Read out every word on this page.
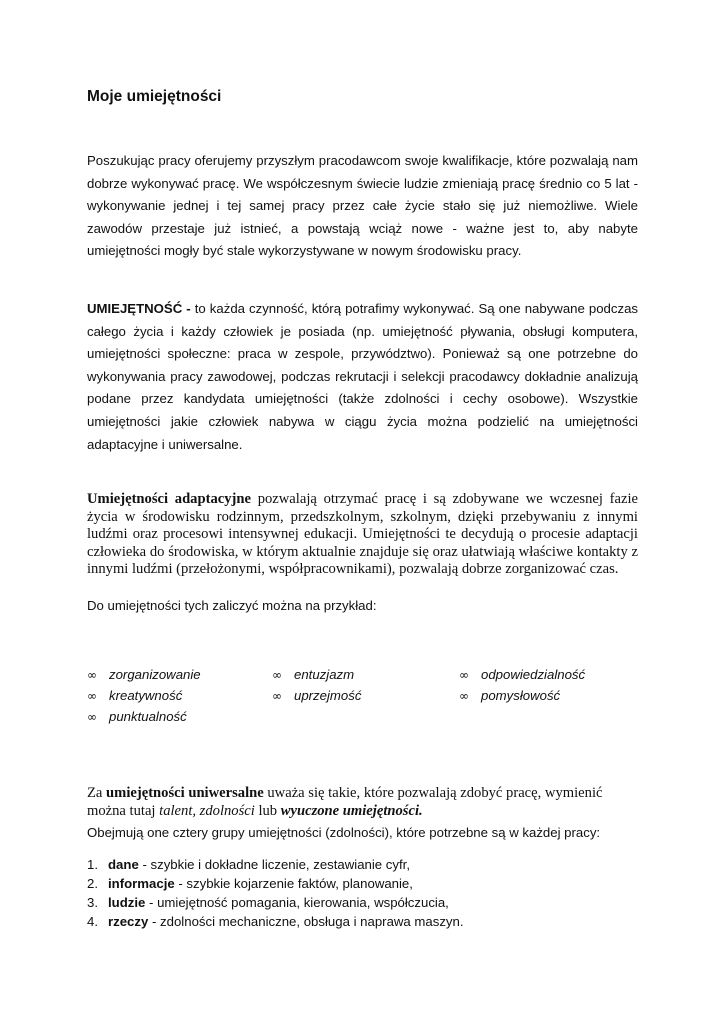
Moje umiejętności

Poszukując pracy oferujemy przyszłym pracodawcom swoje kwalifikacje, które pozwalają nam dobrze wykonywać pracę. We współczesnym świecie ludzie zmieniają pracę średnio co 5 lat - wykonywanie jednej i tej samej pracy przez całe życie stało się już niemożliwe. Wiele zawodów przestaje już istnieć, a powstają wciąż nowe - ważne jest to, aby nabyte umiejętności mogły być stale wykorzystywane w nowym środowisku pracy.

UMIEJĘTNOŚĆ - to każda czynność, którą potrafimy wykonywać. Są one nabywane podczas całego życia i każdy człowiek je posiada (np. umiejętność pływania, obsługi komputera, umiejętności społeczne: praca w zespole, przywództwo). Ponieważ są one potrzebne do wykonywania pracy zawodowej, podczas rekrutacji i selekcji pracodawcy dokładnie analizują podane przez kandydata umiejętności (także zdolności i cechy osobowe). Wszystkie umiejętności jakie człowiek nabywa w ciągu życia można podzielić na umiejętności adaptacyjne i uniwersalne.

Umiejętności adaptacyjne pozwalają otrzymać pracę i są zdobywane we wczesnej fazie życia w środowisku rodzinnym, przedszkolnym, szkolnym, dzięki przebywaniu z innymi ludźmi oraz procesowi intensywnej edukacji. Umiejętności te decydują o procesie adaptacji człowieka do środowiska, w którym aktualnie znajduje się oraz ułatwiają właściwe kontakty z innymi ludźmi (przełożonymi, współpracownikami), pozwalają dobrze zorganizować czas.

Do umiejętności tych zaliczyć można na przykład:
∞ zorganizowanie
∞ kreatywność
∞ punktualność
∞ entuzjazm
∞ uprzejmość
∞ odpowiedzialność
∞ pomysłowość

Za umiejętności uniwersalne uważa się takie, które pozwalają zdobyć pracę, wymienić można tutaj talent, zdolności lub wyuczone umiejętności.

Obejmują one cztery grupy umiejętności (zdolności), które potrzebne są w każdej pracy:
1. dane - szybkie i dokładne liczenie, zestawianie cyfr,
2. informacje - szybkie kojarzenie faktów, planowanie,
3. ludzie - umiejętność pomagania, kierowania, współczucia,
4. rzeczy - zdolności mechaniczne, obsługa i naprawa maszyn.
